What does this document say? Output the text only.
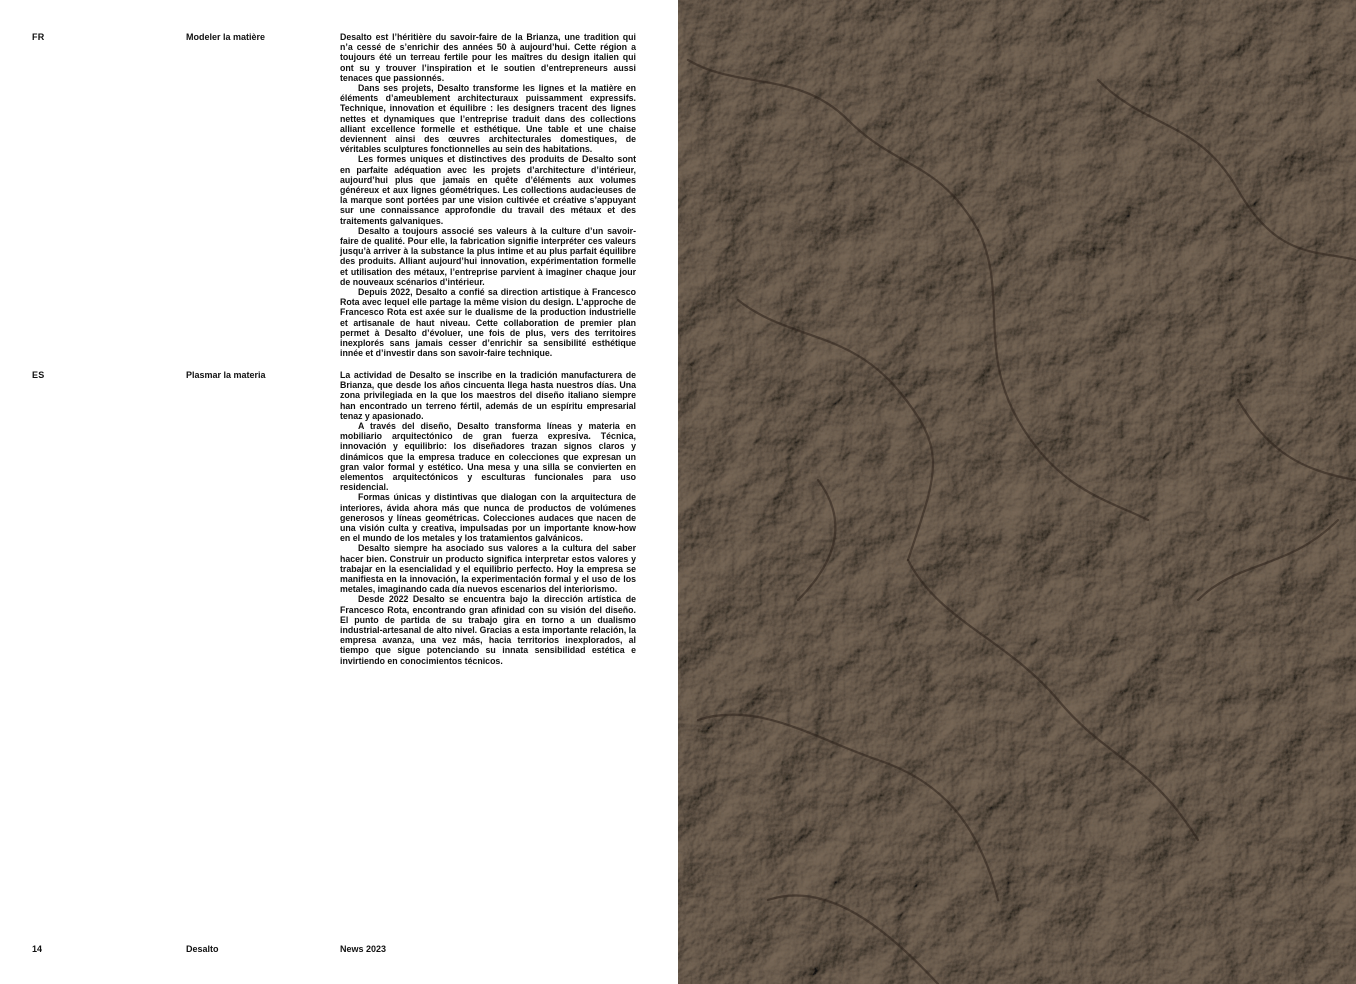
FR	Modeler la matière	Desalto est l’héritière du savoir-faire de la Brianza, une tradition qui n’a cessé de s’enrichir des années 50 à aujourd’hui. Cette région a toujours été un terreau fertile pour les maîtres du design italien qui ont su y trouver l’inspiration et le soutien d’entrepreneurs aussi tenaces que passionnés.

Dans ses projets, Desalto transforme les lignes et la matière en éléments d’ameublement architecturaux puissamment expressifs. Technique, innovation et équilibre : les designers tracent des lignes nettes et dynamiques que l’entreprise traduit dans des collections alliant excellence formelle et esthétique. Une table et une chaise deviennent ainsi des œuvres architecturales domestiques, de véritables sculptures fonctionnelles au sein des habitations.

Les formes uniques et distinctives des produits de Desalto sont en parfaite adéquation avec les projets d’architecture d’intérieur, aujourd’hui plus que jamais en quête d’éléments aux volumes généreux et aux lignes géométriques. Les collections audacieuses de la marque sont portées par une vision cultivée et créative s’appuyant sur une connaissance approfondie du travail des métaux et des traitements galvaniques.

Desalto a toujours associé ses valeurs à la culture d’un savoir-faire de qualité. Pour elle, la fabrication signifie interpréter ces valeurs jusqu’à arriver à la substance la plus intime et au plus parfait équilibre des produits. Alliant aujourd’hui innovation, expérimentation formelle et utilisation des métaux, l’entreprise parvient à imaginer chaque jour de nouveaux scénarios d’intérieur.

Depuis 2022, Desalto a confié sa direction artistique à Francesco Rota avec lequel elle partage la même vision du design. L’approche de Francesco Rota est axée sur le dualisme de la production industrielle et artisanale de haut niveau. Cette collaboration de premier plan permet à Desalto d’évoluer, une fois de plus, vers des territoires inexplorés sans jamais cesser d’enrichir sa sensibilité esthétique innée et d’investir dans son savoir-faire technique.

ES	Plasmar la materia	La actividad de Desalto se inscribe en la tradición manufacturera de Brianza, que desde los años cincuenta llega hasta nuestros días. Una zona privilegiada en la que los maestros del diseño italiano siempre han encontrado un terreno fértil, además de un espíritu empresarial tenaz y apasionado.

A través del diseño, Desalto transforma líneas y materia en mobiliario arquitectónico de gran fuerza expresiva. Técnica, innovación y equilibrio: los diseñadores trazan signos claros y dinámicos que la empresa traduce en colecciones que expresan un gran valor formal y estético. Una mesa y una silla se convierten en elementos arquitectónicos y esculturas funcionales para uso residencial.

Formas únicas y distintivas que dialogan con la arquitectura de interiores, ávida ahora más que nunca de productos de volúmenes generosos y líneas geométricas. Colecciones audaces que nacen de una visión culta y creativa, impulsadas por un importante know-how en el mundo de los metales y los tratamientos galvánicos.

Desalto siempre ha asociado sus valores a la cultura del saber hacer bien. Construir un producto significa interpretar estos valores y trabajar en la esencialidad y el equilibrio perfecto. Hoy la empresa se manifiesta en la innovación, la experimentación formal y el uso de los metales, imaginando cada día nuevos escenarios del interiorismo.

Desde 2022 Desalto se encuentra bajo la dirección artística de Francesco Rota, encontrando gran afinidad con su visión del diseño. El punto de partida de su trabajo gira en torno a un dualismo industrial-artesanal de alto nivel. Gracias a esta importante relación, la empresa avanza, una vez más, hacia territorios inexplorados, al tiempo que sigue potenciando su innata sensibilidad estética e invirtiendo en conocimientos técnicos.

14	Desalto	News 2023
